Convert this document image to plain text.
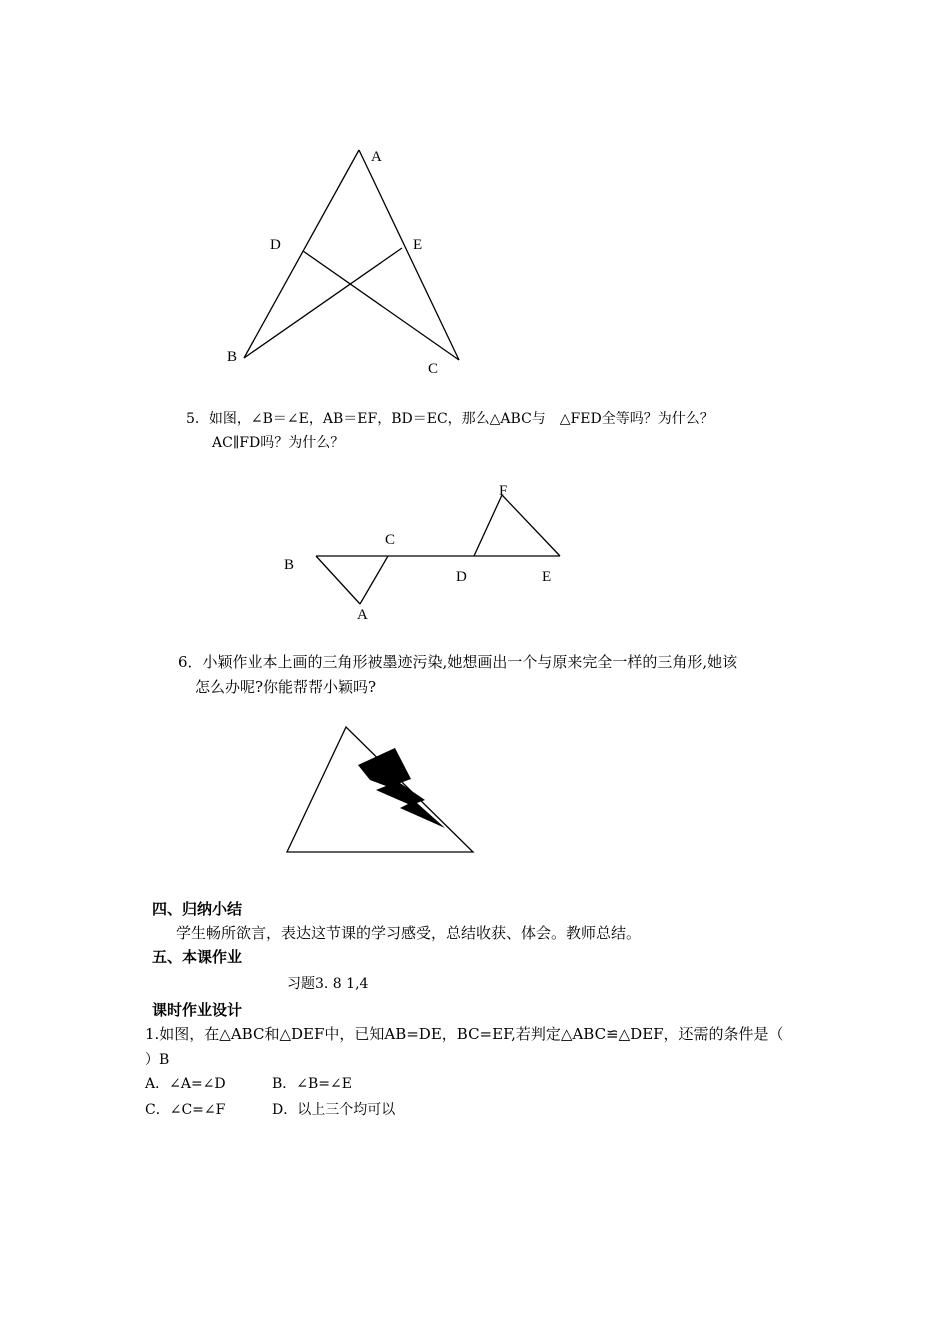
A
D	E
B
C
5．如图，∠B＝∠E，AB＝EF，BD＝EC，那么△ABC与　△FED全等吗？为什么？
AC∥FD吗？为什么？
F
C
B
D	E
A
6．小颖作业本上画的三角形被墨迹污染,她想画出一个与原来完全一样的三角形,她该
怎么办呢?你能帮帮小颖吗?
四、归纳小结
学生畅所欲言，表达这节课的学习感受，总结收获、体会。教师总结。
五、本课作业
习题3. 8 1,4
课时作业设计
1.如图，在△ABC和△DEF中，已知AB=DE，BC=EF,若判定△ABC≌△DEF，还需的条件是（
）B
A．∠A=∠D	B．∠B=∠E
C．∠C=∠F	D．以上三个均可以
